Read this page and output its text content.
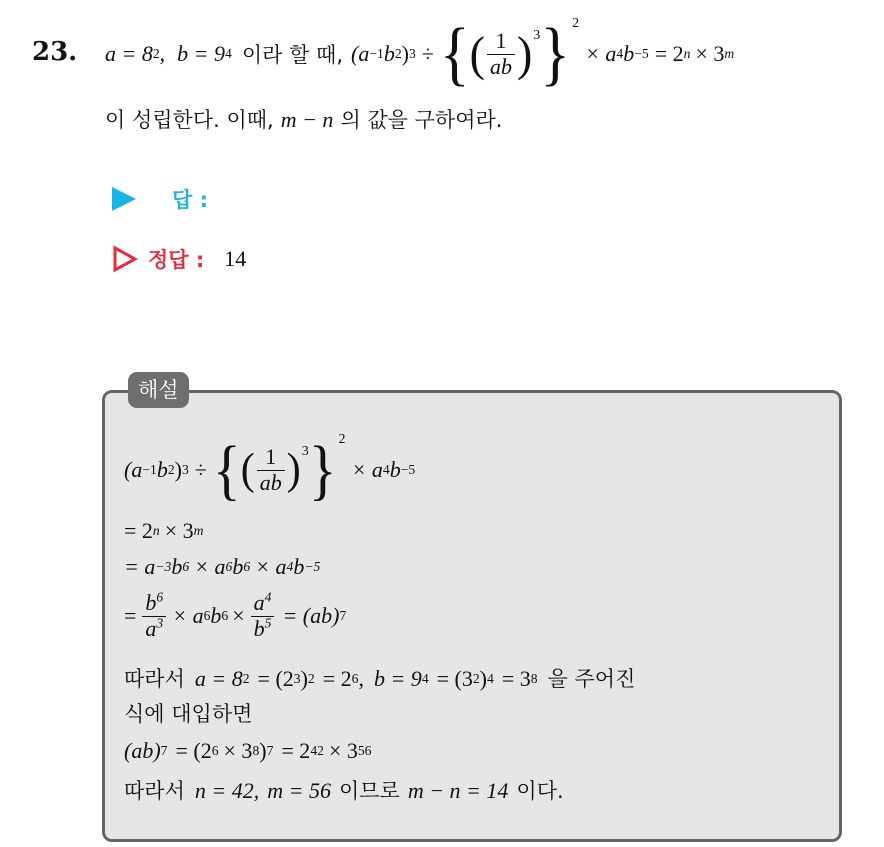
23. a = 8 2 , b = 9 4 이라 할 때, (a −1 b 2 ) 3 ÷ { ( $\frac{1}{ab}$ ) 3 } 2
× a 4 b −5 = 2 n × 3 m
이 성립한다. 이때, m − n 의 값을 구하여라.
답 :
정답 : 14
해설
(a −1 b 2 ) 3 ÷ { ( $\frac{1}{ab}$ ) 3 } 2
× a 4 b −5
= 2 n × 3 m
= a −3 b 6 × a 6 b 6 × a 4 b −5
= $\frac{b^6}{a^3} \times a$ 6 b $6 \times \frac{a^4}{b^5} = (ab)$ 7
따라서 a = 8 2 = (2 3 ) 2 = 2 6 , b = 9 4 = (3 2 ) 4 = 3 8 을 주어진
식에 대입하면
(ab) 7 = (2 6 × 3 8 ) 7 = 2 42 × 3 56
따라서 n = 42, m = 56 이므로 m − n = 14 이다.
